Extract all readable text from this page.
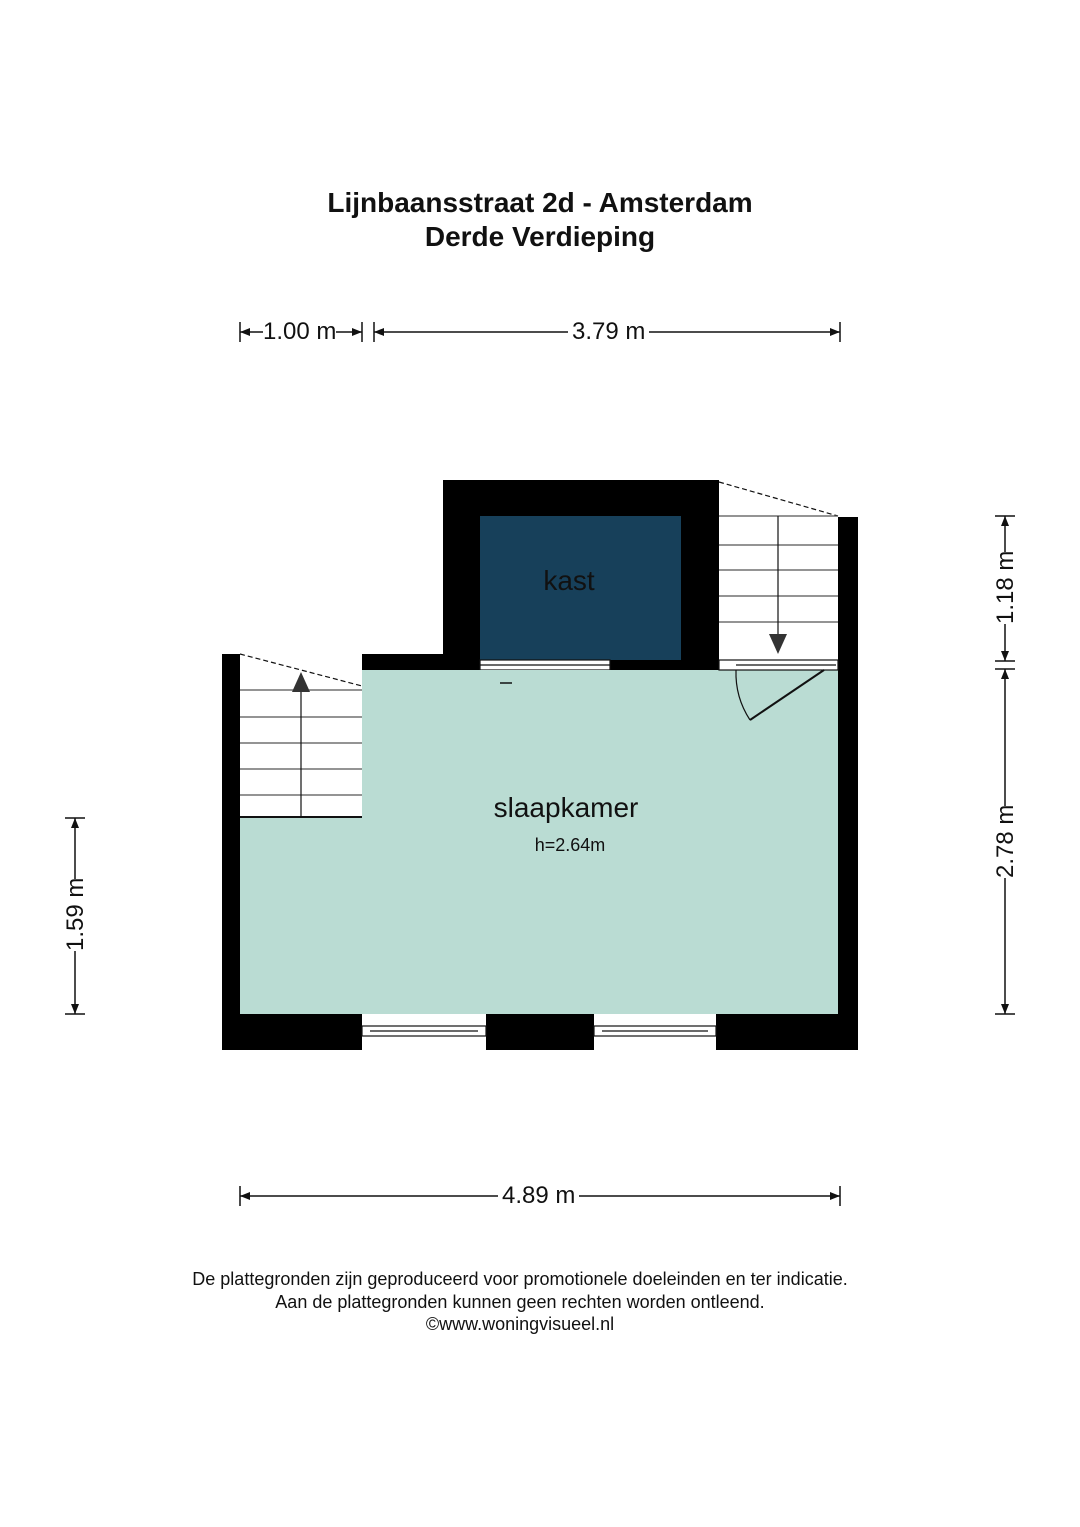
Lijnbaansstraat 2d - Amsterdam
Derde Verdieping
1.00 m	3.79 m
4.89 m
1.59 m
1.18 m
2.78 m
kast
slaapkamer
h=2.64m
De plattegronden zijn geproduceerd voor promotionele doeleinden en ter indicatie.
Aan de plattegronden kunnen geen rechten worden ontleend.
©www.woningvisueel.nl
